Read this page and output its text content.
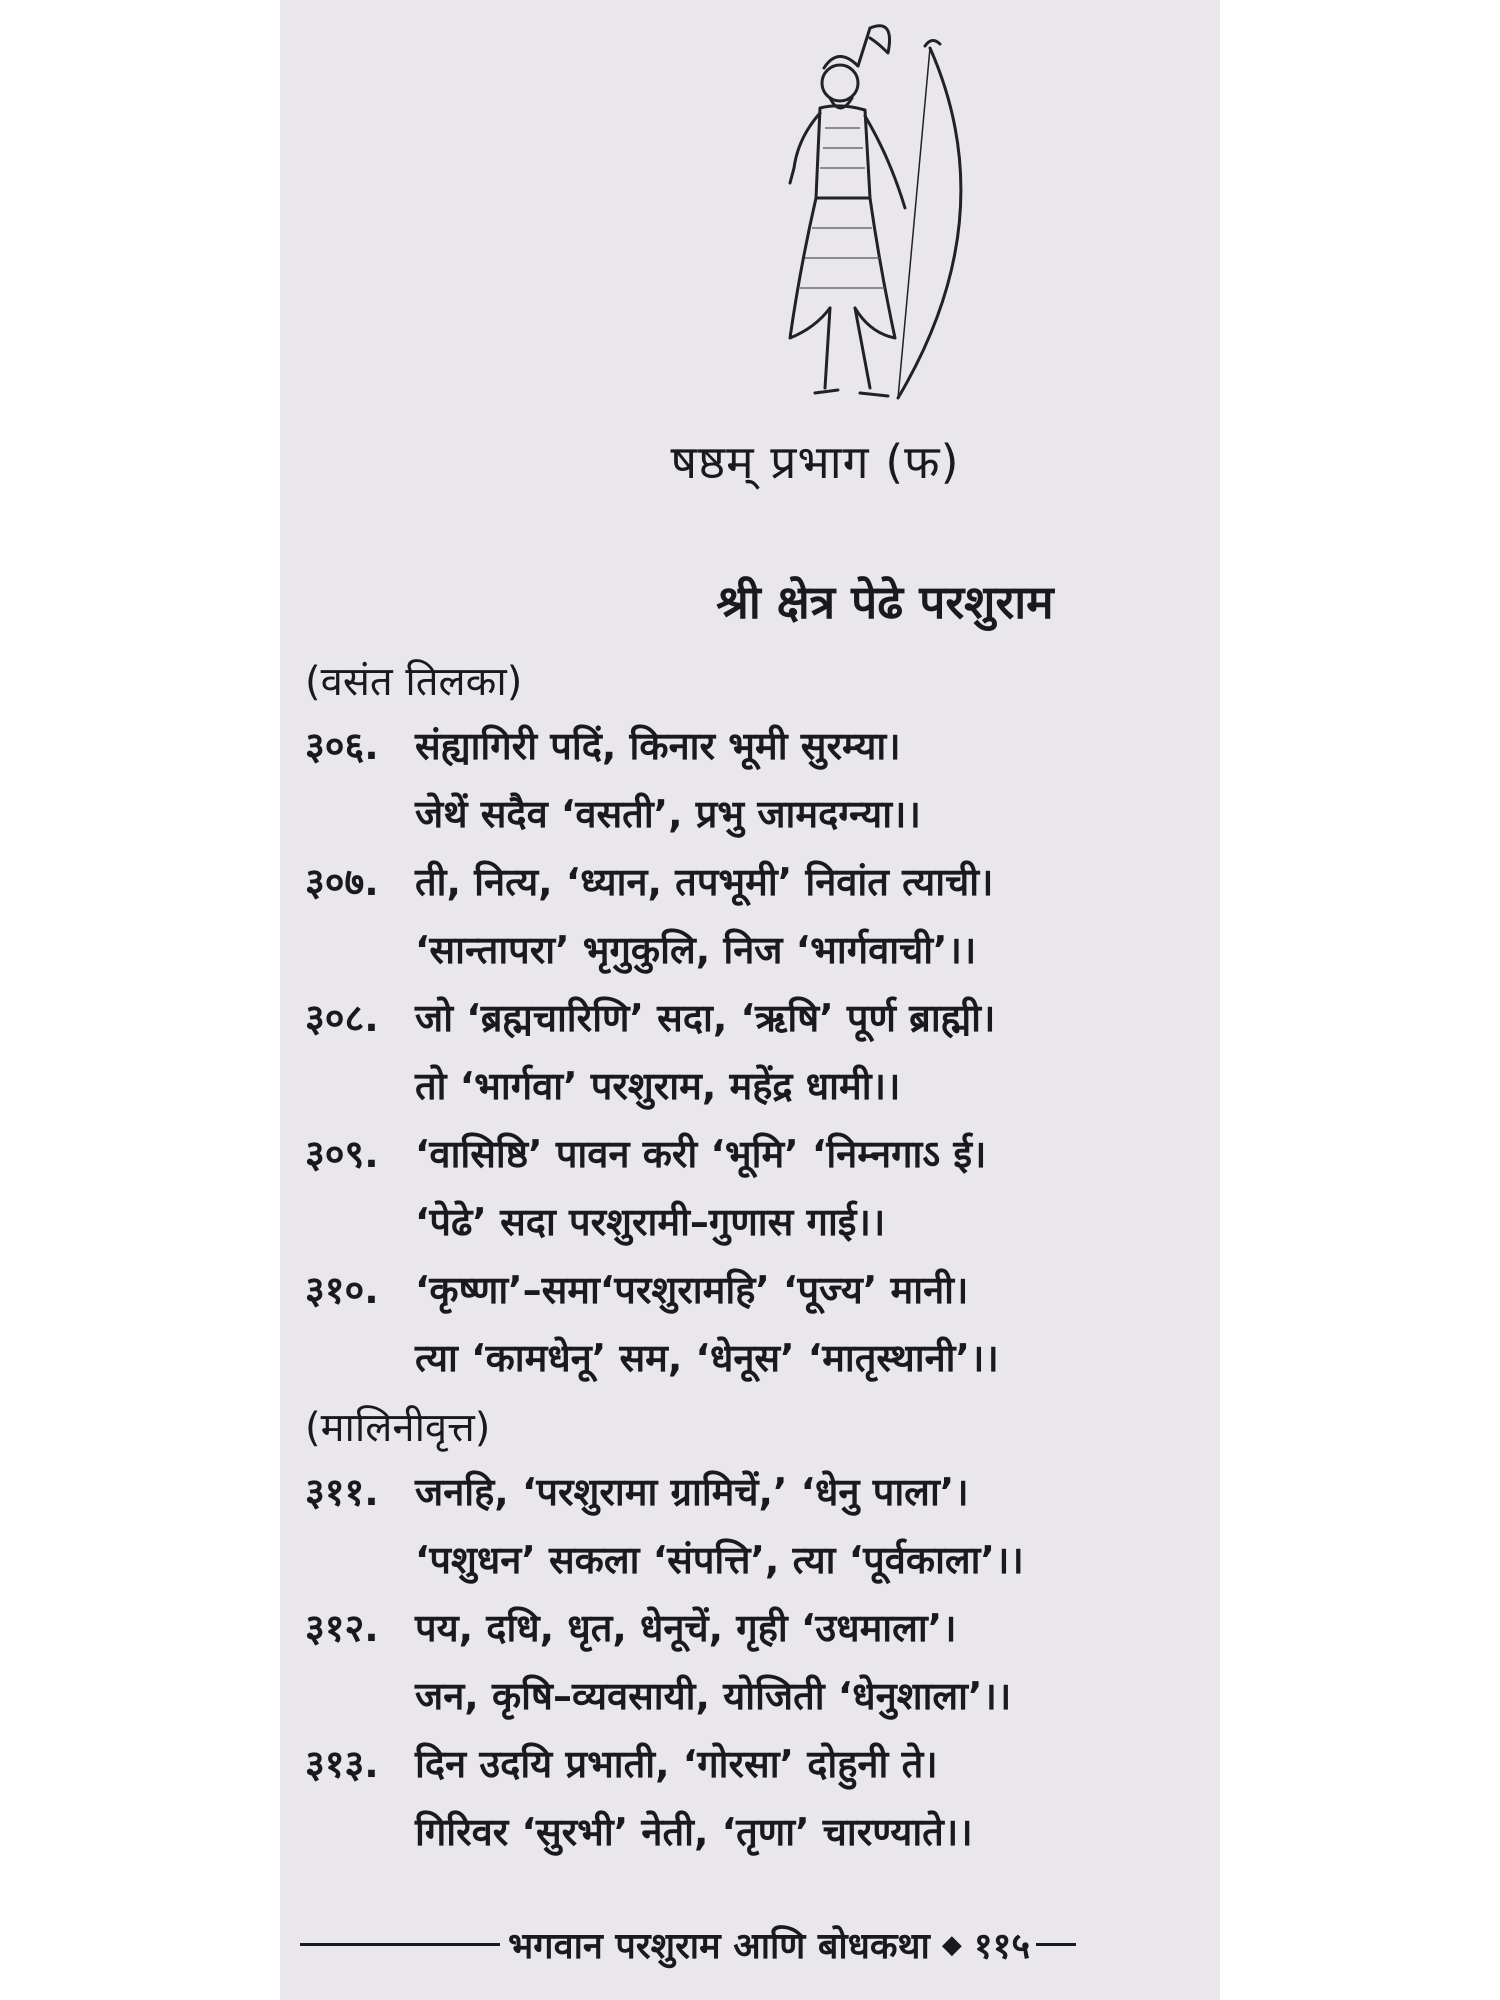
षष्ठम् प्रभाग (फ)
श्री क्षेत्र पेढे परशुराम
(वसंत तिलका)
३०६. संह्यागिरी पदिं, किनार भूमी सुरम्या।
जेथें सदैव ‘वसती’, प्रभु जामदग्न्या।।
३०७. ती, नित्य, ‘ध्यान, तपभूमी’ निवांत त्याची।
‘सान्तापरा’ भृगुकुलि, निज ‘भार्गवाची’।।
३०८. जो ‘ब्रह्मचारिणि’ सदा, ‘ऋषि’ पूर्ण ब्राह्मी।
तो ‘भार्गवा’ परशुराम, महेंद्र धामी।।
३०९. ‘वासिष्ठि’ पावन करी ‘भूमि’ ‘निम्नगाऽ ई।
‘पेढे’ सदा परशुरामी–गुणास गाई।।
३१०. ‘कृष्णा’–समा‘परशुरामहि’ ‘पूज्य’ मानी।
त्या ‘कामधेनू’ सम, ‘धेनूस’ ‘मातृस्थानी’।।
(मालिनीवृत्त)
३११. जनहि, ‘परशुरामा ग्रामिचें,’ ‘धेनु पाला’।
‘पशुधन’ सकला ‘संपत्ति’, त्या ‘पूर्वकाला’।।
३१२. पय, दधि, धृत, धेनूचें, गृही ‘उधमाला’।
जन, कृषि–व्यवसायी, योजिती ‘धेनुशाला’।।
३१३. दिन उदयि प्रभाती, ‘गोरसा’ दोहुनी ते।
गिरिवर ‘सुरभी’ नेती, ‘तृणा’ चारण्याते।।
भगवान परशुराम आणि बोधकथा ◆ ११५
